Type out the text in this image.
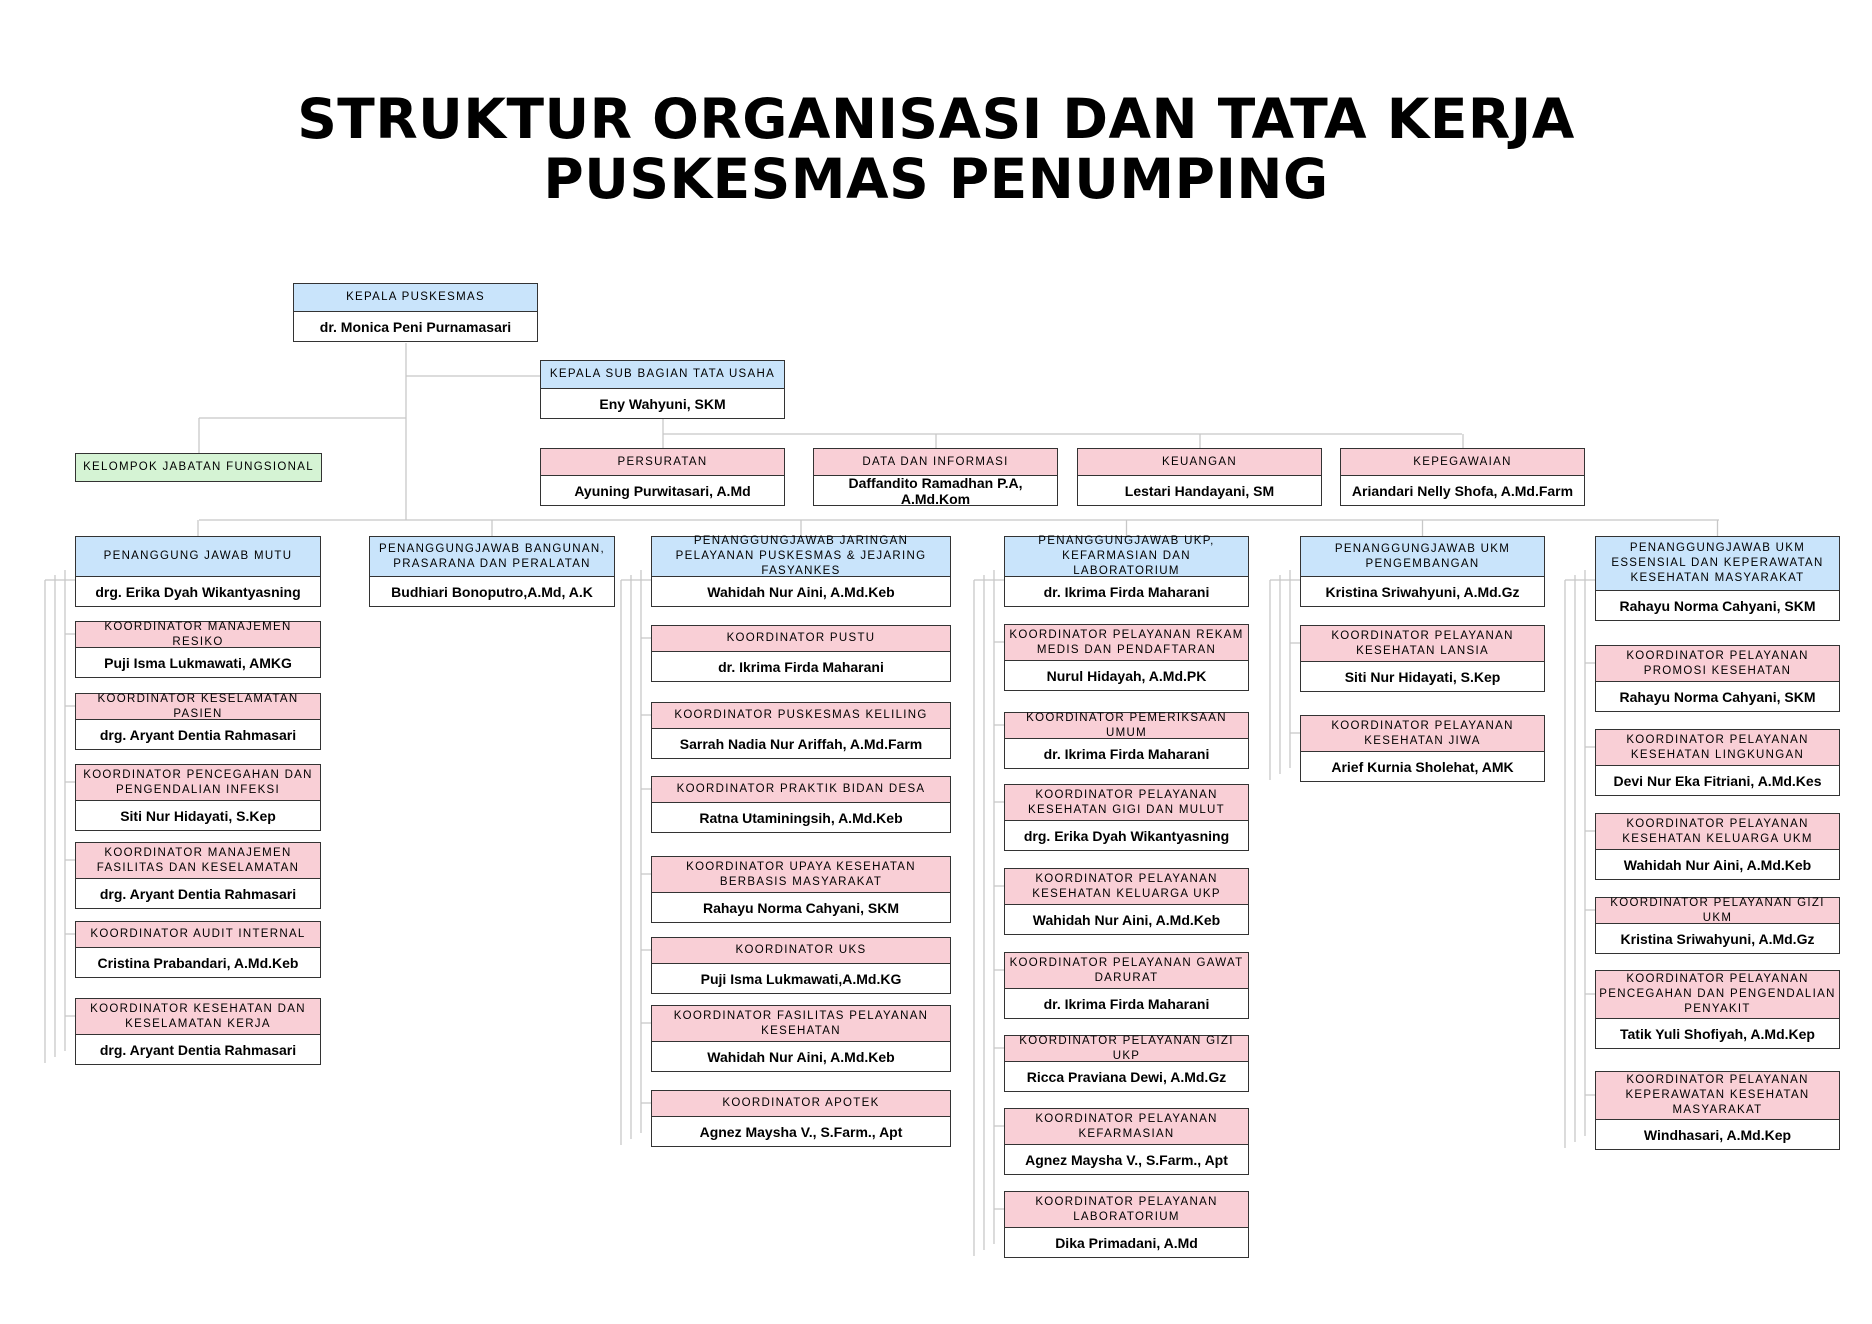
STRUKTUR ORGANISASI DAN TATA KERJA
PUSKESMAS PENUMPING
KEPALA PUSKESMAS
dr. Monica Peni Purnamasari
KEPALA SUB BAGIAN TATA USAHA
Eny Wahyuni, SKM
KELOMPOK JABATAN FUNGSIONAL	PERSURATAN
Ayuning Purwitasari, A.Md
DATA DAN INFORMASI
Daffandito Ramadhan P.A, A.Md.Kom
KEUANGAN
Lestari Handayani, SM
KEPEGAWAIAN
Ariandari Nelly Shofa, A.Md.Farm
PENANGGUNG JAWAB MUTU
drg. Erika Dyah Wikantyasning
KOORDINATOR MANAJEMEN RESIKO
Puji Isma Lukmawati, AMKG
KOORDINATOR KESELAMATAN PASIEN
drg. Aryant Dentia Rahmasari
KOORDINATOR PENCEGAHAN DAN PENGENDALIAN INFEKSI
Siti Nur Hidayati, S.Kep
KOORDINATOR MANAJEMEN FASILITAS DAN KESELAMATAN
drg. Aryant Dentia Rahmasari
KOORDINATOR AUDIT INTERNAL
Cristina Prabandari, A.Md.Keb
KOORDINATOR KESEHATAN DAN KESELAMATAN KERJA
drg. Aryant Dentia Rahmasari
PENANGGUNGJAWAB BANGUNAN, PRASARANA DAN PERALATAN
Budhiari Bonoputro,A.Md, A.K
PENANGGUNGJAWAB JARINGAN PELAYANAN PUSKESMAS & JEJARING FASYANKES
Wahidah Nur Aini, A.Md.Keb
KOORDINATOR PUSTU
dr. Ikrima Firda Maharani
KOORDINATOR PUSKESMAS KELILING
Sarrah Nadia Nur Ariffah, A.Md.Farm
KOORDINATOR PRAKTIK BIDAN DESA
Ratna Utaminingsih, A.Md.Keb
KOORDINATOR UPAYA KESEHATAN BERBASIS MASYARAKAT
Rahayu Norma Cahyani, SKM
KOORDINATOR UKS
Puji Isma Lukmawati,A.Md.KG
KOORDINATOR FASILITAS PELAYANAN KESEHATAN
Wahidah Nur Aini, A.Md.Keb
KOORDINATOR APOTEK
Agnez Maysha V., S.Farm., Apt
PENANGGUNGJAWAB UKP, KEFARMASIAN DAN LABORATORIUM
dr. Ikrima Firda Maharani
KOORDINATOR PELAYANAN REKAM MEDIS DAN PENDAFTARAN
Nurul Hidayah, A.Md.PK
KOORDINATOR PEMERIKSAAN UMUM
dr. Ikrima Firda Maharani
KOORDINATOR PELAYANAN KESEHATAN GIGI DAN MULUT
drg. Erika Dyah Wikantyasning
KOORDINATOR PELAYANAN KESEHATAN KELUARGA UKP
Wahidah Nur Aini, A.Md.Keb
KOORDINATOR PELAYANAN GAWAT DARURAT
dr. Ikrima Firda Maharani
KOORDINATOR PELAYANAN GIZI UKP
Ricca Praviana Dewi, A.Md.Gz
KOORDINATOR PELAYANAN KEFARMASIAN
Agnez Maysha V., S.Farm., Apt
KOORDINATOR PELAYANAN LABORATORIUM
Dika Primadani, A.Md
PENANGGUNGJAWAB UKM PENGEMBANGAN
Kristina Sriwahyuni, A.Md.Gz
KOORDINATOR PELAYANAN KESEHATAN LANSIA
Siti Nur Hidayati, S.Kep
KOORDINATOR PELAYANAN KESEHATAN JIWA
Arief Kurnia Sholehat, AMK
PENANGGUNGJAWAB UKM ESSENSIAL DAN KEPERAWATAN KESEHATAN MASYARAKAT
Rahayu Norma Cahyani, SKM
KOORDINATOR PELAYANAN PROMOSI KESEHATAN
Rahayu Norma Cahyani, SKM
KOORDINATOR PELAYANAN KESEHATAN LINGKUNGAN
Devi Nur Eka Fitriani, A.Md.Kes
KOORDINATOR PELAYANAN KESEHATAN KELUARGA UKM
Wahidah Nur Aini, A.Md.Keb
KOORDINATOR PELAYANAN GIZI UKM
Kristina Sriwahyuni, A.Md.Gz
KOORDINATOR PELAYANAN PENCEGAHAN DAN PENGENDALIAN PENYAKIT
Tatik Yuli Shofiyah, A.Md.Kep
KOORDINATOR PELAYANAN KEPERAWATAN KESEHATAN MASYARAKAT
Windhasari, A.Md.Kep
